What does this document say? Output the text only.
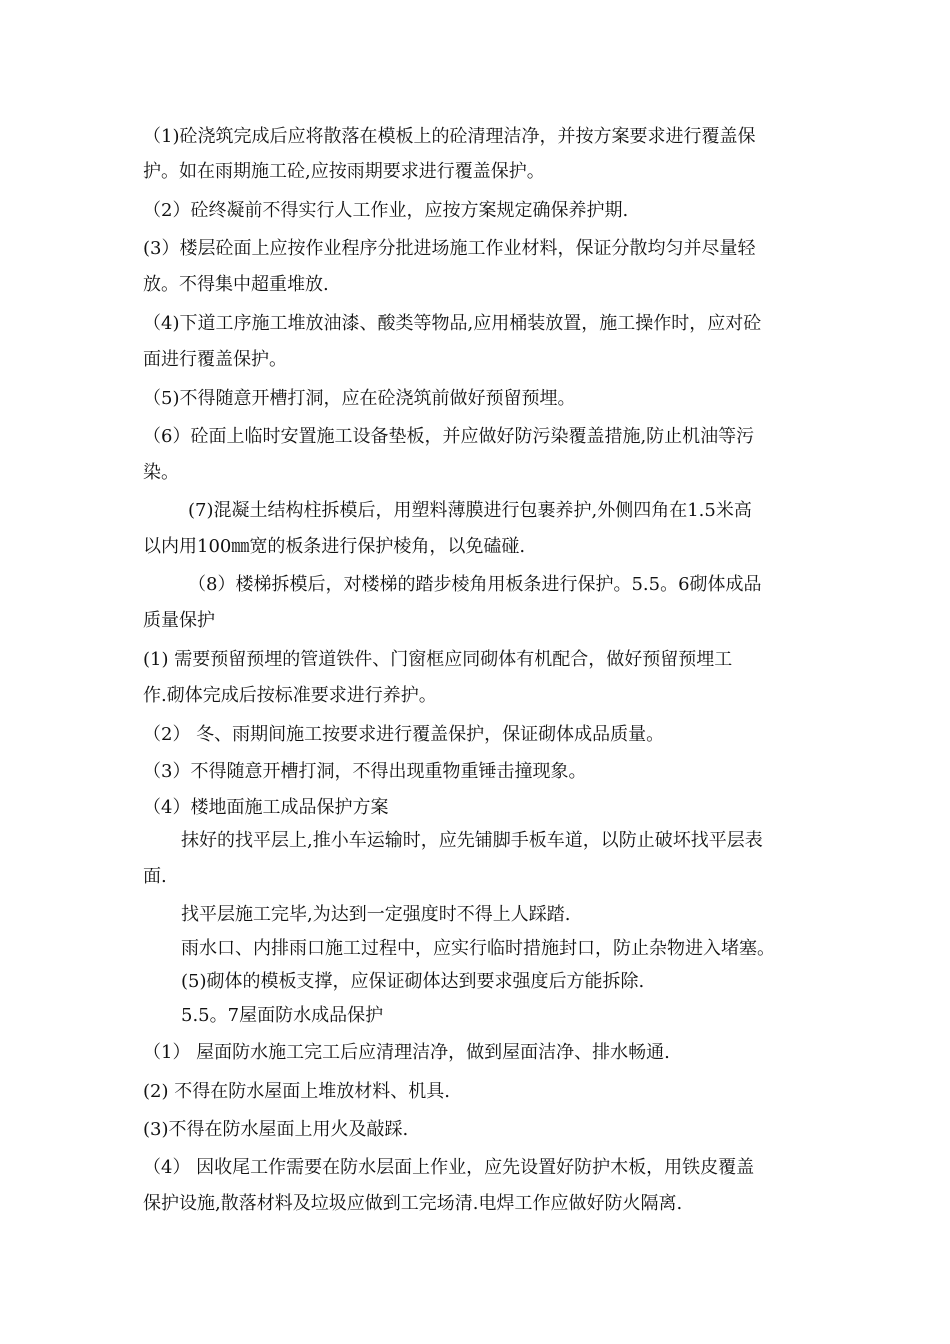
（1)砼浇筑完成后应将散落在模板上的砼清理洁净，并按方案要求进行覆盖保
护。如在雨期施工砼,应按雨期要求进行覆盖保护。
（2）砼终凝前不得实行人工作业，应按方案规定确保养护期.
(3）楼层砼面上应按作业程序分批进场施工作业材料，保证分散均匀并尽量轻
放。不得集中超重堆放.
（4)下道工序施工堆放油漆、酸类等物品,应用桶装放置，施工操作时，应对砼
面进行覆盖保护。
（5)不得随意开槽打洞，应在砼浇筑前做好预留预埋。
（6）砼面上临时安置施工设备垫板，并应做好防污染覆盖措施,防止机油等污
染。
(7)混凝土结构柱拆模后，用塑料薄膜进行包裹养护,外侧四角在1.5米高
以内用100㎜宽的板条进行保护棱角，以免磕碰.
（8）楼梯拆模后，对楼梯的踏步棱角用板条进行保护。5.5。6砌体成品
质量保护
(1) 需要预留预埋的管道铁件、门窗框应同砌体有机配合，做好预留预埋工
作.砌体完成后按标准要求进行养护。
（2） 冬、雨期间施工按要求进行覆盖保护，保证砌体成品质量。
（3）不得随意开槽打洞，不得出现重物重锤击撞现象。
（4）楼地面施工成品保护方案
抹好的找平层上,推小车运输时，应先铺脚手板车道，以防止破坏找平层表
面.
找平层施工完毕,为达到一定强度时不得上人踩踏.
雨水口、内排雨口施工过程中，应实行临时措施封口，防止杂物进入堵塞。
(5)砌体的模板支撑，应保证砌体达到要求强度后方能拆除.
5.5。7屋面防水成品保护
（1） 屋面防水施工完工后应清理洁净，做到屋面洁净、排水畅通.
(2) 不得在防水屋面上堆放材料、机具.
(3)不得在防水屋面上用火及敲踩.
（4） 因收尾工作需要在防水层面上作业，应先设置好防护木板，用铁皮覆盖
保护设施,散落材料及垃圾应做到工完场清.电焊工作应做好防火隔离.
